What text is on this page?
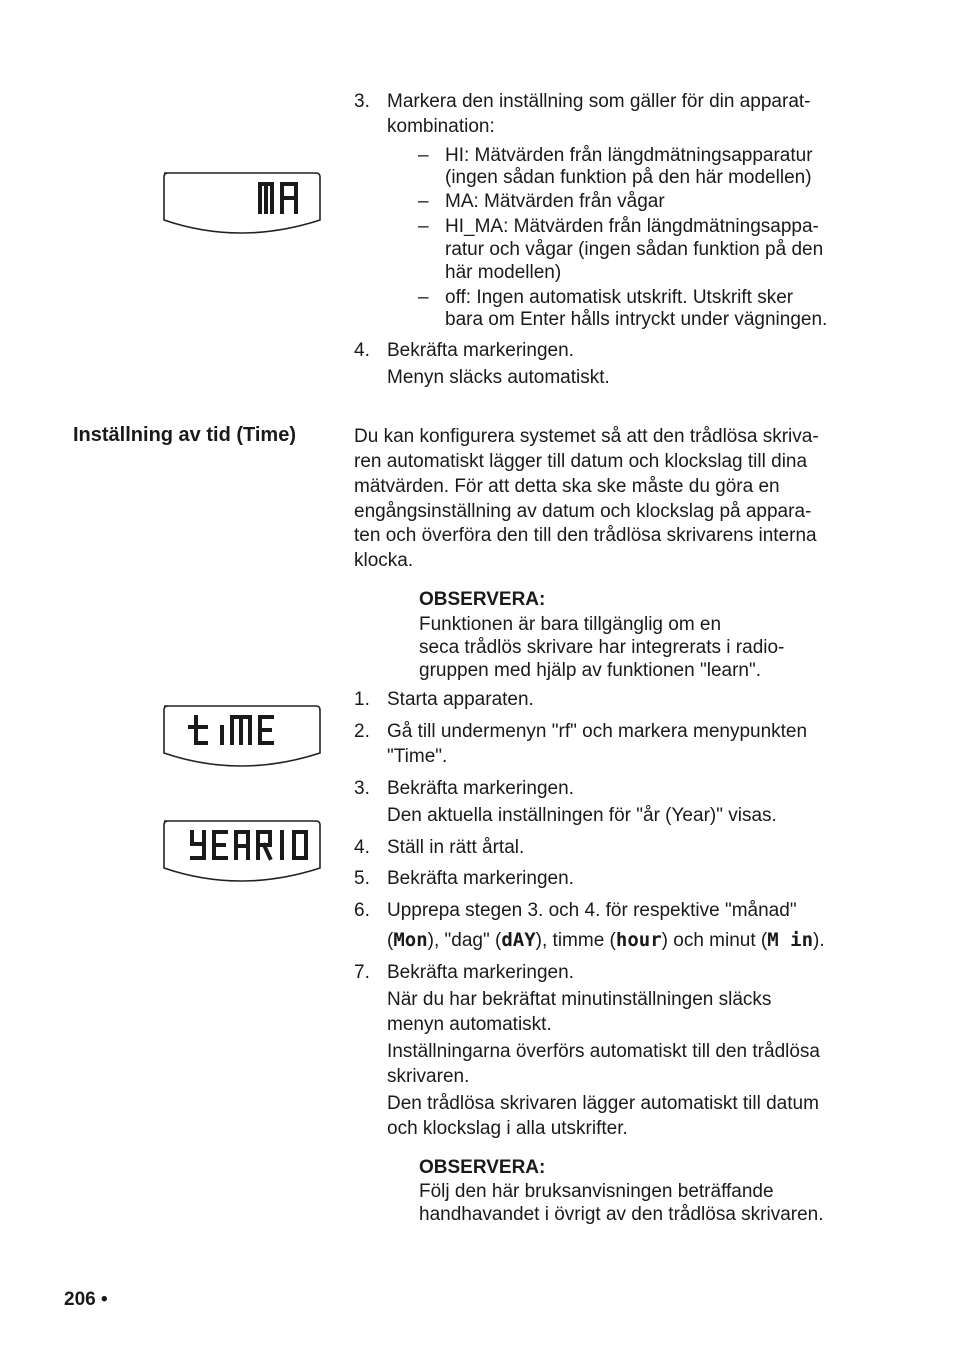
3. Markera den inställning som gäller för din apparat-
kombination:
– HI: Mätvärden från längdmätningsapparatur
(ingen sådan funktion på den här modellen)
– MA: Mätvärden från vågar
– HI_MA: Mätvärden från längdmätningsappa-
ratur och vågar (ingen sådan funktion på den
här modellen)
– off: Ingen automatisk utskrift. Utskrift sker
bara om Enter hålls intryckt under vägningen.
4. Bekräfta markeringen.
Menyn släcks automatiskt.
Inställning av tid (Time)	Du kan konfigurera systemet så att den trådlösa skriva-
ren automatiskt lägger till datum och klockslag till dina
mätvärden. För att detta ska ske måste du göra en
engångsinställning av datum och klockslag på appara-
ten och överföra den till den trådlösa skrivarens interna
klocka.
OBSERVERA:
Funktionen är bara tillgänglig om en
seca trådlös skrivare har integrerats i radio-
gruppen med hjälp av funktionen "learn".
1. Starta apparaten.
2. Gå till undermenyn "rf" och markera menypunkten
"Time".
3. Bekräfta markeringen.
Den aktuella inställningen för "år (Year)" visas.
4. Ställ in rätt årtal.
5. Bekräfta markeringen.
6. Upprepa stegen 3. och 4. för respektive "månad"
(Mon), "dag" (dAY), timme (hour) och minut (M in).
7. Bekräfta markeringen.
När du har bekräftat minutinställningen släcks
menyn automatiskt.
Inställningarna överförs automatiskt till den trådlösa
skrivaren.
Den trådlösa skrivaren lägger automatiskt till datum
och klockslag i alla utskrifter.
OBSERVERA:
Följ den här bruksanvisningen beträffande
handhavandet i övrigt av den trådlösa skrivaren.
206 •
